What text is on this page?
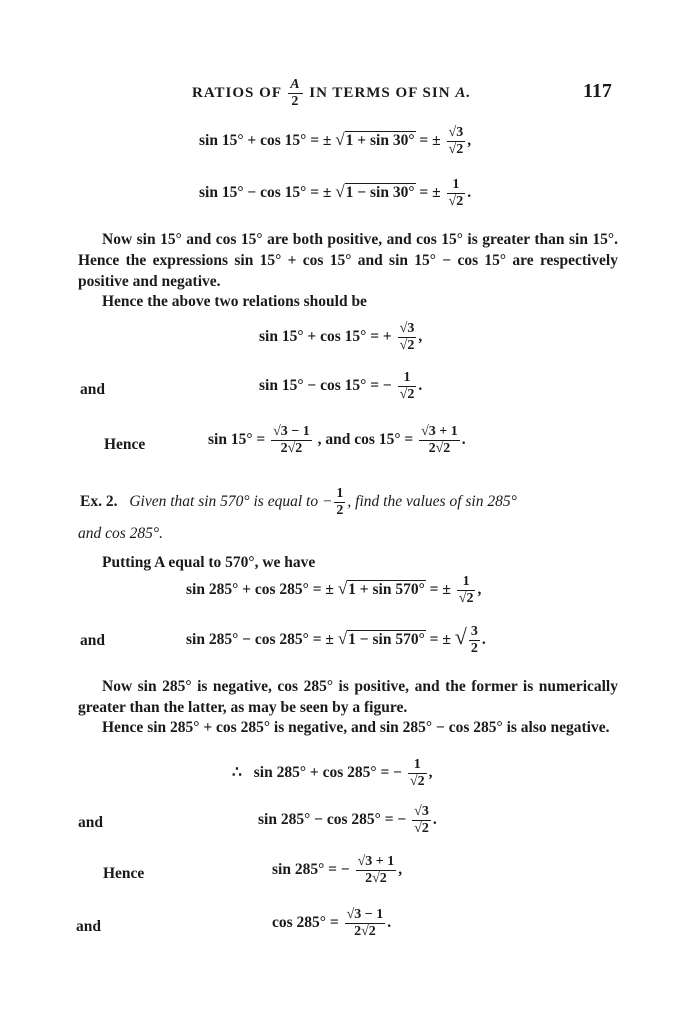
RATIOS OF $\frac{A}{2}$ IN TERMS OF SIN A.	117
sin 15° + cos 15° = ± √1 + sin 30° = ± $\frac{√3}{√2}$ ,
sin 15° − cos 15° = ± √1 − sin 30° = ± $\frac{1}{√2}$ .
Now sin 15° and cos 15° are both positive, and cos 15° is greater than sin 15°. Hence the expressions sin 15° + cos 15° and sin 15° − cos 15° are respectively positive and negative.
Hence the above two relations should be
sin 15° + cos 15° = + $\frac{√3}{√2}$ ,
and	sin 15° − cos 15° = − $\frac{1}{√2}$ .
Hence	$\sin 15^\circ = \frac{√3 - 1}{2√2}$ , and $\cos 15^\circ = \frac{√3 + 1}{2√2}$ .
Ex. 2. Given that sin 570° is equal to − $\frac{1}{2}$ , find the values of sin 285°
and cos 285°.
Putting A equal to 570°, we have
sin 285° + cos 285° = ± √1 + sin 570° = ± $\frac{1}{√2}$ ,
and	sin 285° − cos 285° = ± √1 − sin 570° = ± √ $\frac{3}{2}$ .
Now sin 285° is negative, cos 285° is positive, and the former is numerically greater than the latter, as may be seen by a figure.
Hence sin 285° + cos 285° is negative, and sin 285° − cos 285° is also negative.
∴ sin 285° + cos 285° = − $\frac{1}{√2}$ ,
and	sin 285° − cos 285° = − $\frac{√3}{√2}$ .
Hence	sin 285° = − $\frac{√3 + 1}{2√2}$ ,
and	$\cos 285^\circ = \frac{√3 - 1}{2√2}$ .
